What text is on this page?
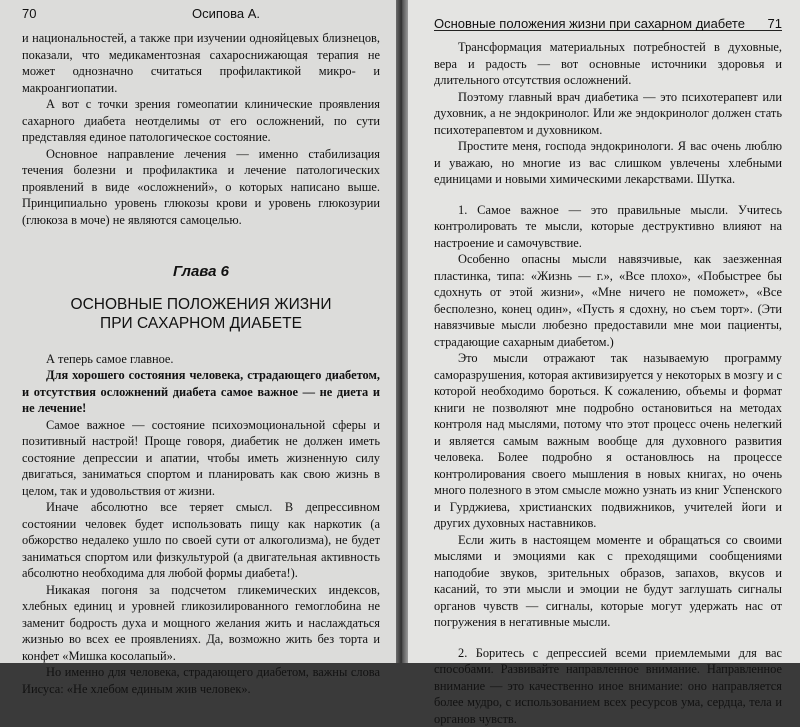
70	Осипова А.

и национальностей, а также при изучении однояйцевых близнецов, показали, что медикаментозная сахароснижающая терапия не может однозначно считаться профилактикой микро- и макроангиопатии.

А вот с точки зрения гомеопатии клинические проявления сахарного диабета неотделимы от его осложнений, по сути представляя единое патологическое состояние.

Основное направление лечения — именно стабилизация течения болезни и профилактика и лечение патологических проявлений в виде «осложнений», о которых написано выше. Принципиально уровень глюкозы крови и уровень глюкозурии (глюкоза в моче) не являются самоцелью.

Глава 6
ОСНОВНЫЕ ПОЛОЖЕНИЯ ЖИЗНИ
ПРИ САХАРНОМ ДИАБЕТЕ

А теперь самое главное.

Для хорошего состояния человека, страдающего диабетом, и отсутствия осложнений диабета самое важное — не диета и не лечение!

Самое важное — состояние психоэмоциональной сферы и позитивный настрой! Проще говоря, диабетик не должен иметь состояние депрессии и апатии, чтобы иметь жизненную силу двигаться, заниматься спортом и планировать как свою жизнь в целом, так и удовольствия от жизни.

Иначе абсолютно все теряет смысл. В депрессивном состоянии человек будет использовать пищу как наркотик (а обжорство недалеко ушло по своей сути от алкоголизма), не будет заниматься спортом или физкультурой (а двигательная активность абсолютно необходима для любой формы диабета!).

Никакая погоня за подсчетом гликемических индексов, хлебных единиц и уровней гликозилированного гемоглобина не заменит бодрость духа и мощного желания жить и наслаждаться жизнью во всех ее проявлениях. Да, возможно жить без торта и конфет «Мишка косолапый».

Но именно для человека, страдающего диабетом, важны слова Иисуса: «Не хлебом единым жив человек».

Основные положения жизни при сахарном диабете	71

Трансформация материальных потребностей в духовные, вера и радость — вот основные источники здоровья и длительного отсутствия осложнений.

Поэтому главный врач диабетика — это психотерапевт или духовник, а не эндокринолог. Или же эндокринолог должен стать психотерапевтом и духовником.

Простите меня, господа эндокринологи. Я вас очень люблю и уважаю, но многие из вас слишком увлечены хлебными единицами и новыми химическими лекарствами. Шутка.

1. Самое важное — это правильные мысли. Учитесь контролировать те мысли, которые деструктивно влияют на настроение и самочувствие.

Особенно опасны мысли навязчивые, как заезженная пластинка, типа: «Жизнь — г.», «Все плохо», «Побыстрее бы сдохнуть от этой жизни», «Мне ничего не поможет», «Все бесполезно, конец один», «Пусть я сдохну, но съем торт». (Эти навязчивые мысли любезно предоставили мне мои пациенты, страдающие сахарным диабетом.)

Это мысли отражают так называемую программу саморазрушения, которая активизируется у некоторых в мозгу и с которой необходимо бороться. К сожалению, объемы и формат книги не позволяют мне подробно остановиться на методах контроля над мыслями, потому что этот процесс очень нелегкий и является самым важным вообще для духовного развития человека. Более подробно я остановлюсь на процессе контролирования своего мышления в новых книгах, но очень много полезного в этом смысле можно узнать из книг Успенского и Гурджиева, христианских подвижников, учителей йоги и других духовных наставников.

Если жить в настоящем моменте и обращаться со своими мыслями и эмоциями как с преходящими сообщениями наподобие звуков, зрительных образов, запахов, вкусов и касаний, то эти мысли и эмоции не будут заглушать сигналы органов чувств — сигналы, которые могут удержать нас от погружения в негативные мысли.

2. Боритесь с депрессией всеми приемлемыми для вас способами. Развивайте направленное внимание. Направленное внимание — это качественно иное внимание: оно направляется более мудро, с использованием всех ресурсов ума, сердца, тела и органов чувств.
